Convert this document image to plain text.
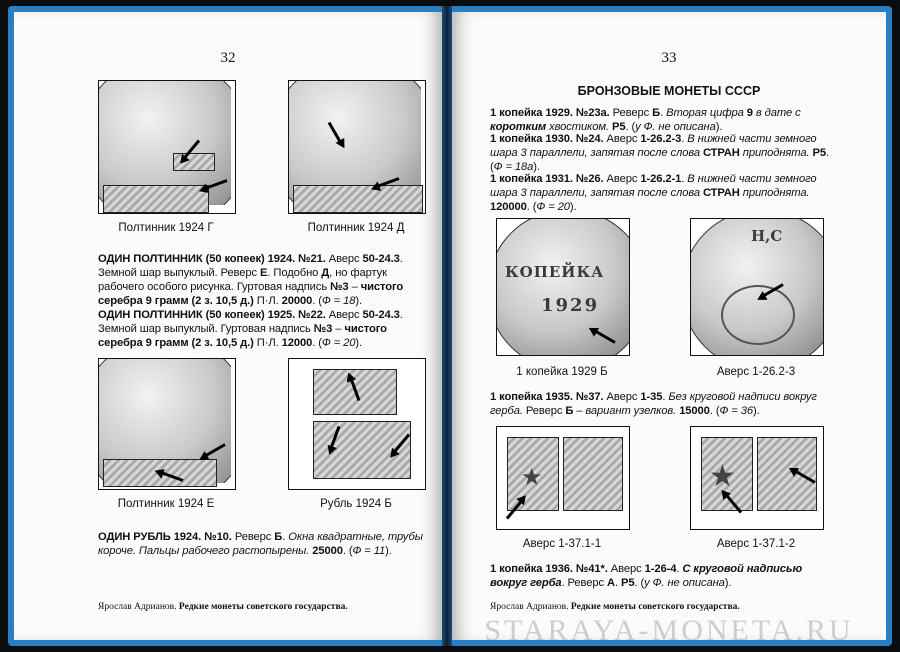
32
Полтинник 1924 Г	Полтинник 1924 Д
ОДИН ПОЛТИННИК (50 копеек) 1924. №21. Аверс 50-24.3. Земной шар выпуклый. Реверс Е. Подобно Д, но фартук рабочего особого рисунка. Гуртовая надпись №3 – чистого серебра 9 грамм (2 з. 10,5 д.) П·Л. 20000. (Ф = 18).
ОДИН ПОЛТИННИК (50 копеек) 1925. №22. Аверс 50-24.3. Земной шар выпуклый. Гуртовая надпись №3 – чистого серебра 9 грамм (2 з. 10,5 д.) П·Л. 12000. (Ф = 20).
Полтинник 1924 Е	Рубль 1924 Б
ОДИН РУБЛЬ 1924. №10. Реверс Б. Окна квадратные, трубы короче. Пальцы рабочего растопырены. 25000. (Ф = 11).
Ярослав Адрианов. Редкие монеты советского государства.
33
БРОНЗОВЫЕ МОНЕТЫ СССР
1 копейка 1929. №23а. Реверс Б. Вторая цифра 9 в дате с коротким хвостиком. Р5. (у Ф. не описана).
1 копейка 1930. №24. Аверс 1-26.2-3. В нижней части земного шара 3 параллели, запятая после слова СТРАН приподнята. Р5. (Ф = 18а).
1 копейка 1931. №26. Аверс 1-26.2-1. В нижней части земного шара 3 параллели, запятая после слова СТРАН приподнята. 120000. (Ф = 20).
КОПЕЙКА
1929
1 копейка 1929 Б
Н,С
Аверс 1-26.2-3
1 копейка 1935. №37. Аверс 1-35. Без круговой надписи вокруг герба. Реверс Б – вариант узелков. 15000. (Ф = 36).
★
Аверс 1-37.1-1
★
Аверс 1-37.1-2
1 копейка 1936. №41*. Аверс 1-26-4. С круговой надписью вокруг герба. Реверс А. Р5. (у Ф. не описана).
Ярослав Адрианов. Редкие монеты советского государства.
STARAYA-MONETA.RU
